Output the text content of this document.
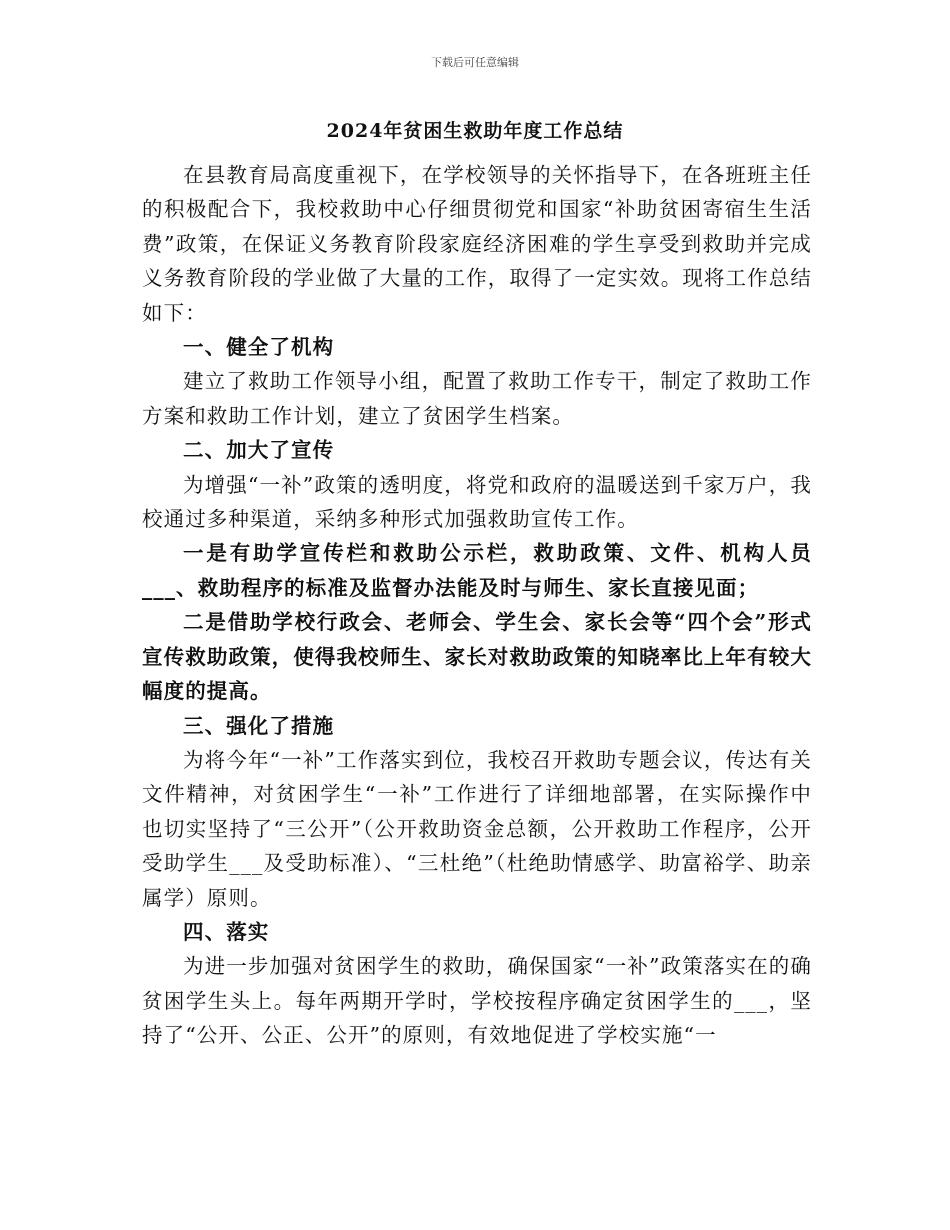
下载后可任意编辑
2024年贫困生救助年度工作总结

在县教育局高度重视下，在学校领导的关怀指导下，在各班班主任的积极配合下，我校救助中心仔细贯彻党和国家“补助贫困寄宿生生活费”政策，在保证义务教育阶段家庭经济困难的学生享受到救助并完成义务教育阶段的学业做了大量的工作，取得了一定实效。现将工作总结如下：

一、健全了机构

建立了救助工作领导小组，配置了救助工作专干，制定了救助工作方案和救助工作计划，建立了贫困学生档案。

二、加大了宣传

为增强“一补”政策的透明度，将党和政府的温暖送到千家万户，我校通过多种渠道，采纳多种形式加强救助宣传工作。

一是有助学宣传栏和救助公示栏，救助政策、文件、机构人员___、救助程序的标准及监督办法能及时与师生、家长直接见面；

二是借助学校行政会、老师会、学生会、家长会等“四个会”形式宣传救助政策，使得我校师生、家长对救助政策的知晓率比上年有较大幅度的提高。

三、强化了措施

为将今年“一补”工作落实到位，我校召开救助专题会议，传达有关文件精神，对贫困学生“一补”工作进行了详细地部署，在实际操作中也切实坚持了“三公开”（公开救助资金总额，公开救助工作程序，公开受助学生___及受助标准）、“三杜绝”（杜绝助情感学、助富裕学、助亲属学）原则。

四、落实

为进一步加强对贫困学生的救助，确保国家“一补”政策落实在的确贫困学生头上。每年两期开学时，学校按程序确定贫困学生的___，坚持了“公开、公正、公开”的原则，有效地促进了学校实施“一
